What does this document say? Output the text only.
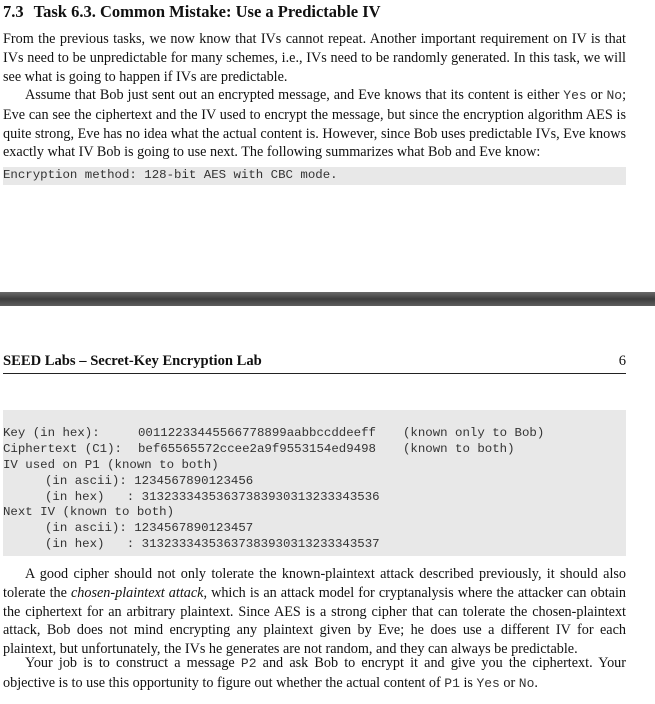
7.3 Task 6.3. Common Mistake: Use a Predictable IV

From the previous tasks, we now know that IVs cannot repeat. Another important requirement on IV is that IVs need to be unpredictable for many schemes, i.e., IVs need to be randomly generated. In this task, we will see what is going to happen if IVs are predictable.

Assume that Bob just sent out an encrypted message, and Eve knows that its content is either Yes or No; Eve can see the ciphertext and the IV used to encrypt the message, but since the encryption algorithm AES is quite strong, Eve has no idea what the actual content is. However, since Bob uses predictable IVs, Eve knows exactly what IV Bob is going to use next. The following summarizes what Bob and Eve know:

Encryption method: 128-bit AES with CBC mode.
SEED Labs – Secret-Key Encryption Lab	6
Key (in hex):	00112233445566778899aabbccddeeff (known only to Bob)
Ciphertext (C1): bef65565572ccee2a9f9553154ed9498 (known to both)
IV used on P1 (known to both)
(in ascii): 1234567890123456
(in hex)   : 31323334353637383930313233343536
Next IV (known to both)
(in ascii): 1234567890123457
(in hex)   : 31323334353637383930313233343537

A good cipher should not only tolerate the known-plaintext attack described previously, it should also tolerate the chosen-plaintext attack, which is an attack model for cryptanalysis where the attacker can obtain the ciphertext for an arbitrary plaintext. Since AES is a strong cipher that can tolerate the chosen-plaintext attack, Bob does not mind encrypting any plaintext given by Eve; he does use a different IV for each plaintext, but unfortunately, the IVs he generates are not random, and they can always be predictable.

Your job is to construct a message P2 and ask Bob to encrypt it and give you the ciphertext. Your objective is to use this opportunity to figure out whether the actual content of P1 is Yes or No.
